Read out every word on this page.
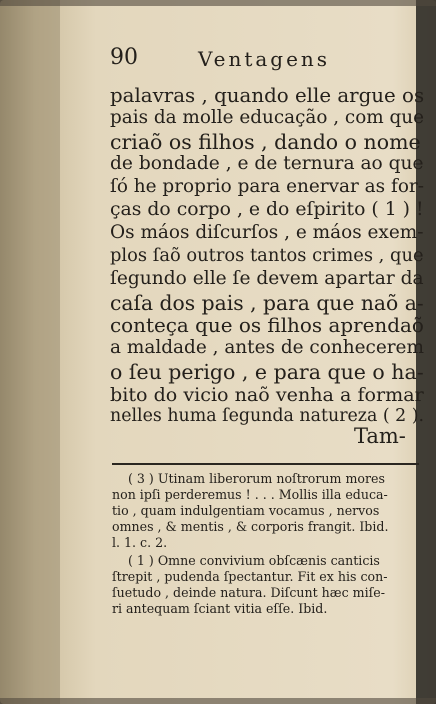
90	Ventagens
palavras , quando elle argue os
pais da molle educação , com que
criaõ os filhos , dando o nome
de bondade , e de ternura ao que
ſó he proprio para enervar as for-
ças do corpo , e do eſpirito ( 1 ) !
Os máos diſcurſos , e máos exem-
plos ſaõ outros tantos crimes , que
ſegundo elle ſe devem apartar da
caſa dos pais , para que naõ a-
conteça que os filhos aprendaõ
a maldade , antes de conhecerem
o ſeu perigo , e para que o ha-
bito do vicio naõ venha a formar
nelles huma ſegunda natureza ( 2 ).
Tam-
( 3 ) Utinam liberorum noſtrorum mores
non ipſi perderemus ! . . . Mollis illa educa-
tio , quam indulgentiam vocamus , nervos
omnes , & mentis , & corporis frangit. Ibid.
l. 1. c. 2.
( 1 ) Omne convivium obſcænis canticis
ſtrepit , pudenda ſpectantur. Fit ex his con-
ſuetudo , deinde natura. Diſcunt hæc miſe-
ri antequam ſciant vitia eſſe. Ibid.
